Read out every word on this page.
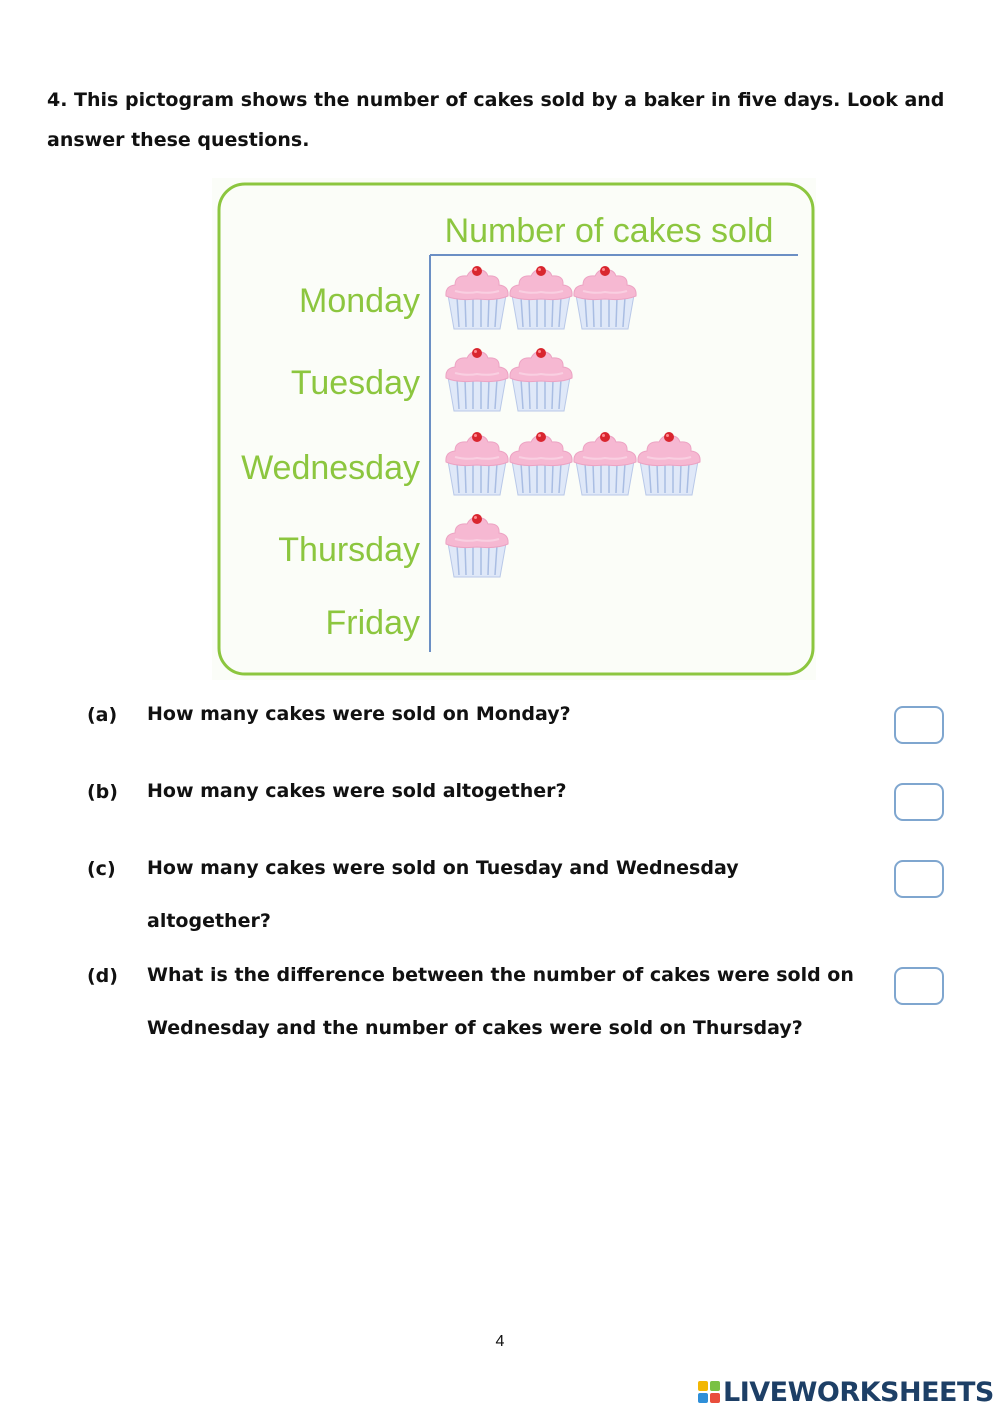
4. This pictogram shows the number of cakes sold by a baker in five days. Look and
answer these questions.

Number of cakes sold
Monday
Tuesday
Wednesday
Thursday
Friday
(a) How many cakes were sold on Monday?
(b) How many cakes were sold altogether?
(c) How many cakes were sold on Tuesday and Wednesday altogether?
(d) What is the difference between the number of cakes were sold on Wednesday and the number of cakes were sold on Thursday?
4
LIVEWORKSHEETS
